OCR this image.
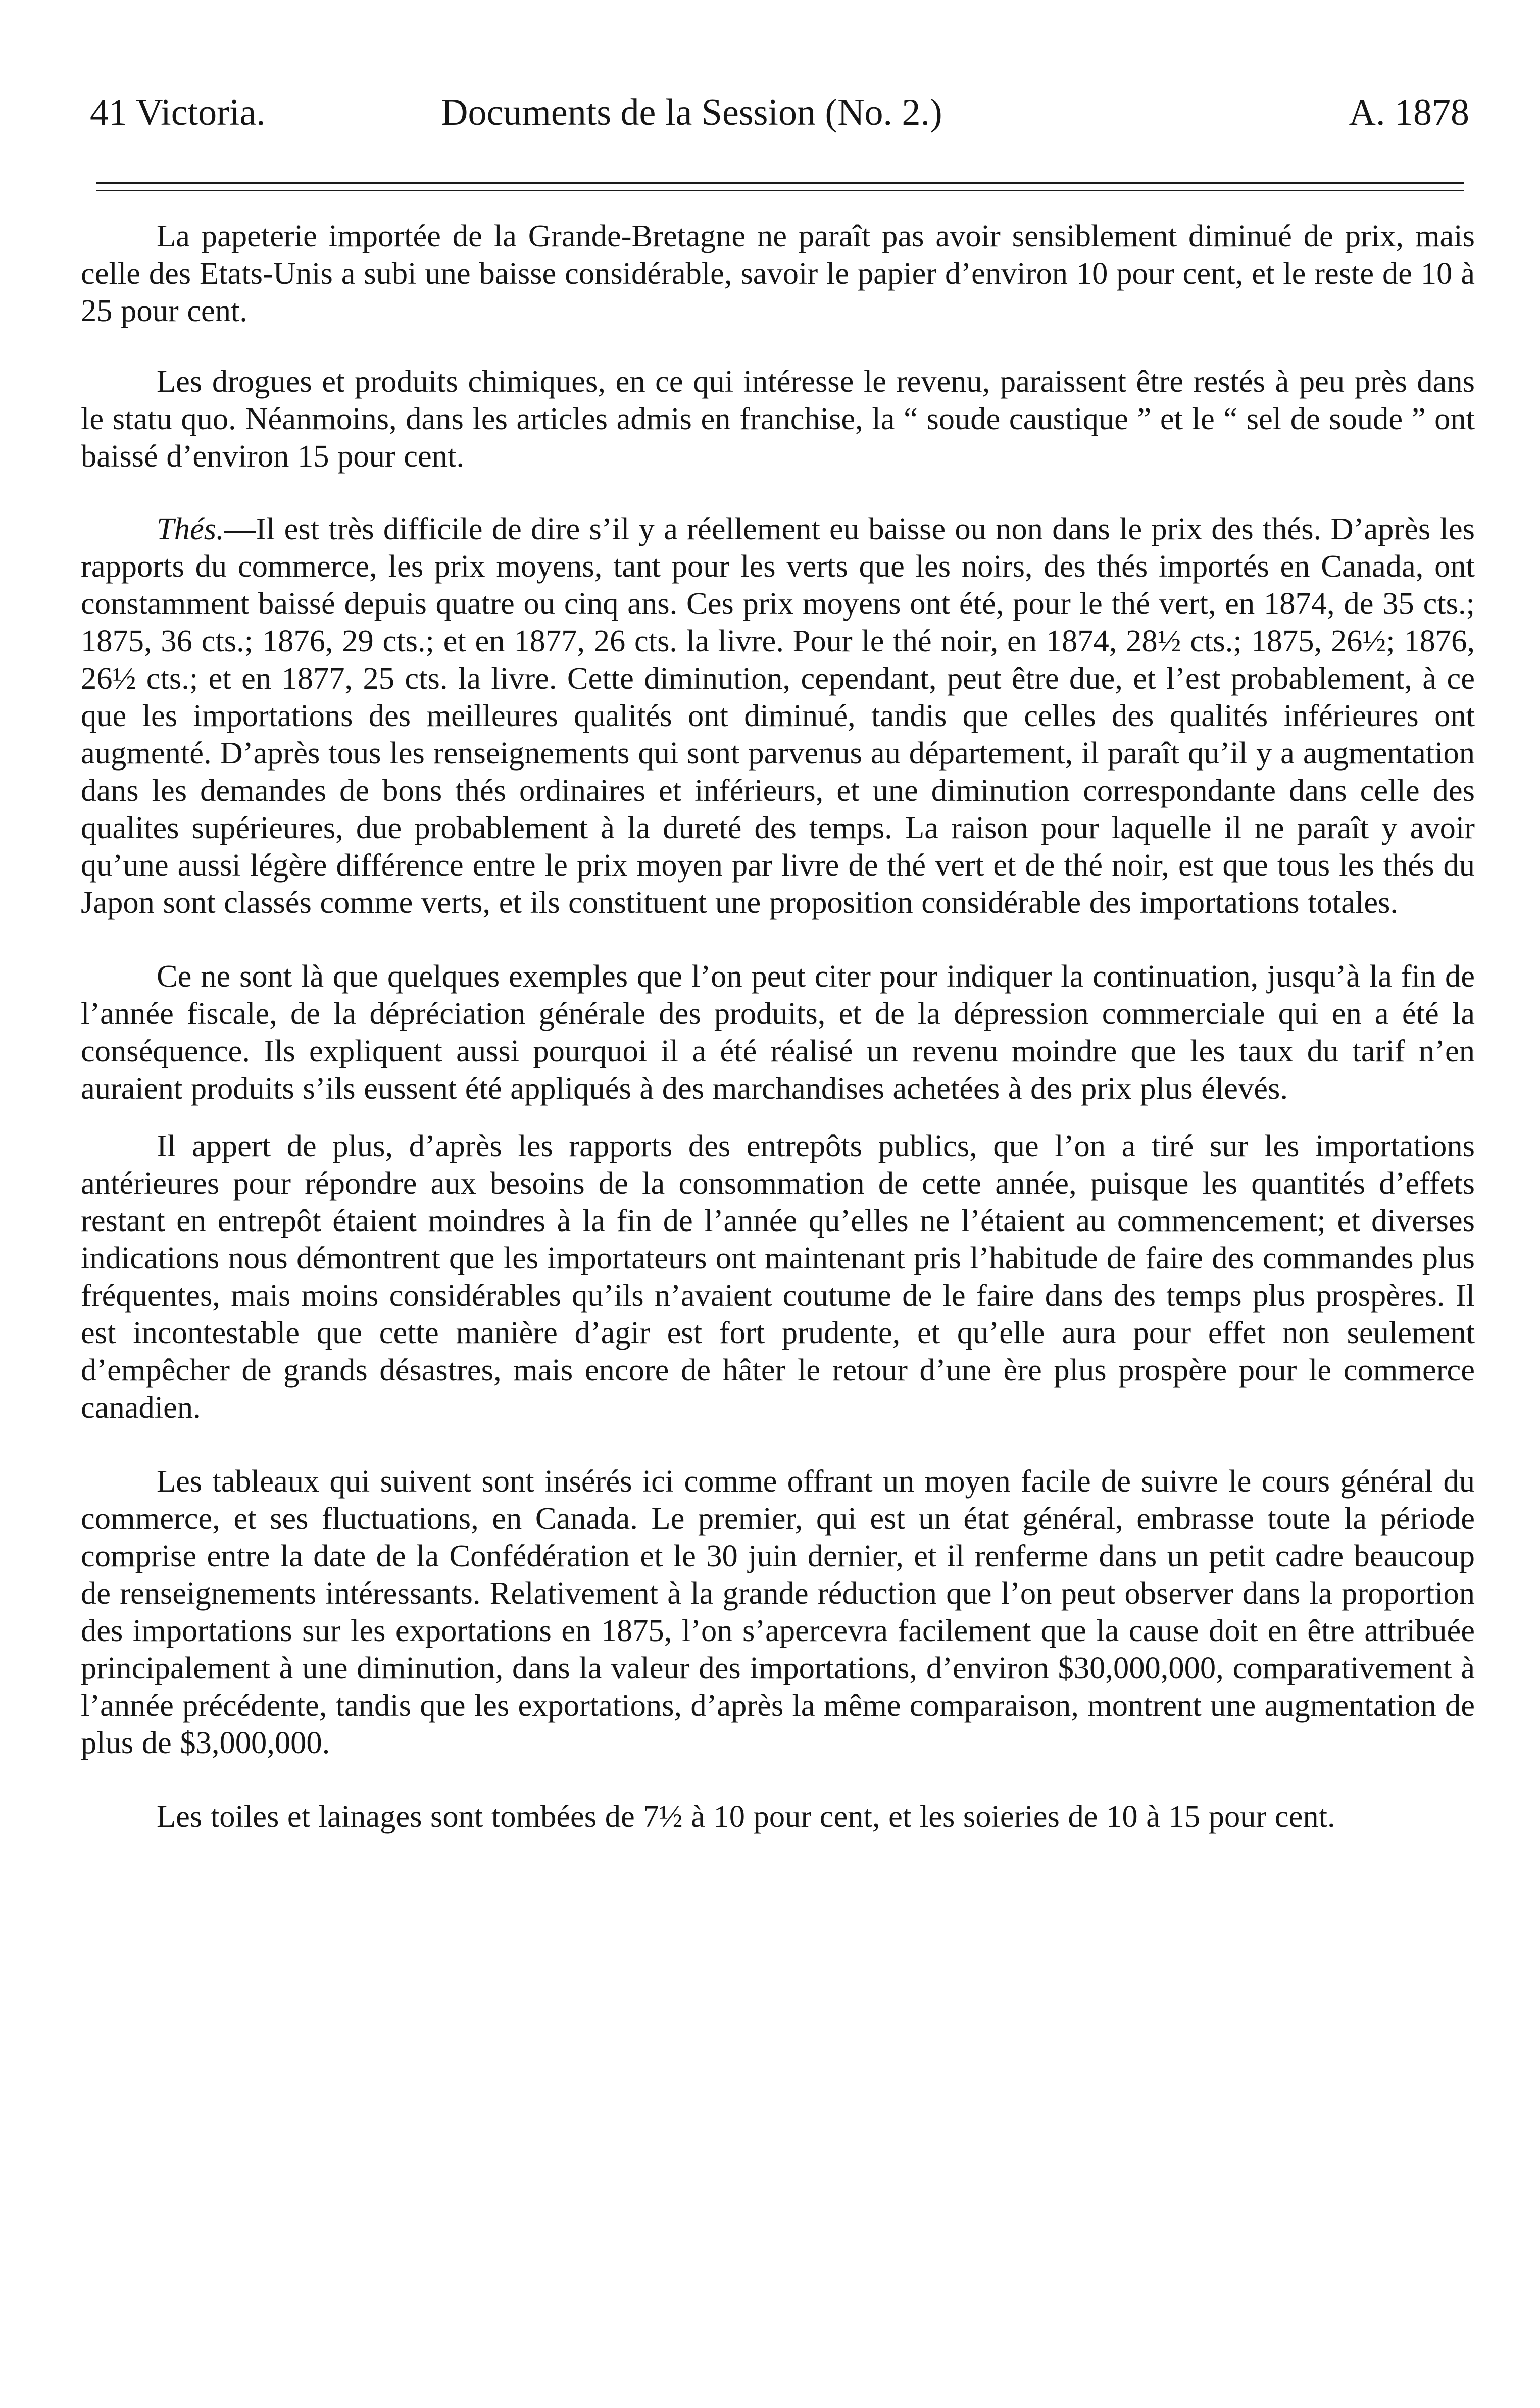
41 Victoria.	Documents de la Session (No. 2.)	A. 1878

La papeterie importée de la Grande-Bretagne ne paraît pas avoir sensiblement diminué de prix, mais celle des Etats-Unis a subi une baisse considérable, savoir le papier d’environ 10 pour cent, et le reste de 10 à 25 pour cent.

Les drogues et produits chimiques, en ce qui intéresse le revenu, paraissent être restés à peu près dans le statu quo. Néanmoins, dans les articles admis en franchise, la “ soude caustique ” et le “ sel de soude ” ont baissé d’environ 15 pour cent.

Thés.—Il est très difficile de dire s’il y a réellement eu baisse ou non dans le prix des thés. D’après les rapports du commerce, les prix moyens, tant pour les verts que les noirs, des thés importés en Canada, ont constamment baissé depuis quatre ou cinq ans. Ces prix moyens ont été, pour le thé vert, en 1874, de 35 cts.; 1875, 36 cts.; 1876, 29 cts.; et en 1877, 26 cts. la livre. Pour le thé noir, en 1874, 28½ cts.; 1875, 26½; 1876, 26½ cts.; et en 1877, 25 cts. la livre. Cette diminution, cependant, peut être due, et l’est probablement, à ce que les importations des meilleures qualités ont diminué, tandis que celles des qualités inférieures ont augmenté. D’après tous les renseignements qui sont parvenus au département, il paraît qu’il y a augmentation dans les demandes de bons thés ordinaires et inférieurs, et une diminution correspondante dans celle des qualites supérieures, due probablement à la dureté des temps. La raison pour laquelle il ne paraît y avoir qu’une aussi légère différence entre le prix moyen par livre de thé vert et de thé noir, est que tous les thés du Japon sont classés comme verts, et ils constituent une proposition considérable des importations totales.

Ce ne sont là que quelques exemples que l’on peut citer pour indiquer la continuation, jusqu’à la fin de l’année fiscale, de la dépréciation générale des produits, et de la dépression commerciale qui en a été la conséquence. Ils expliquent aussi pourquoi il a été réalisé un revenu moindre que les taux du tarif n’en auraient produits s’ils eussent été appliqués à des marchandises achetées à des prix plus élevés.

Il appert de plus, d’après les rapports des entrepôts publics, que l’on a tiré sur les importations antérieures pour répondre aux besoins de la consommation de cette année, puisque les quantités d’effets restant en entrepôt étaient moindres à la fin de l’année qu’elles ne l’étaient au commencement; et diverses indications nous démontrent que les importateurs ont maintenant pris l’habitude de faire des commandes plus fréquentes, mais moins considérables qu’ils n’avaient coutume de le faire dans des temps plus prospères. Il est incontestable que cette manière d’agir est fort prudente, et qu’elle aura pour effet non seulement d’empêcher de grands désastres, mais encore de hâter le retour d’une ère plus prospère pour le commerce canadien.

Les tableaux qui suivent sont insérés ici comme offrant un moyen facile de suivre le cours général du commerce, et ses fluctuations, en Canada. Le premier, qui est un état général, embrasse toute la période comprise entre la date de la Confédération et le 30 juin dernier, et il renferme dans un petit cadre beaucoup de renseignements intéressants. Relativement à la grande réduction que l’on peut observer dans la proportion des importations sur les exportations en 1875, l’on s’apercevra facilement que la cause doit en être attribuée principalement à une diminution, dans la valeur des importations, d’environ $30,000,000, comparativement à l’année précédente, tandis que les exportations, d’après la même comparaison, montrent une augmentation de plus de $3,000,000.

Les toiles et lainages sont tombées de 7½ à 10 pour cent, et les soieries de 10 à 15 pour cent.
